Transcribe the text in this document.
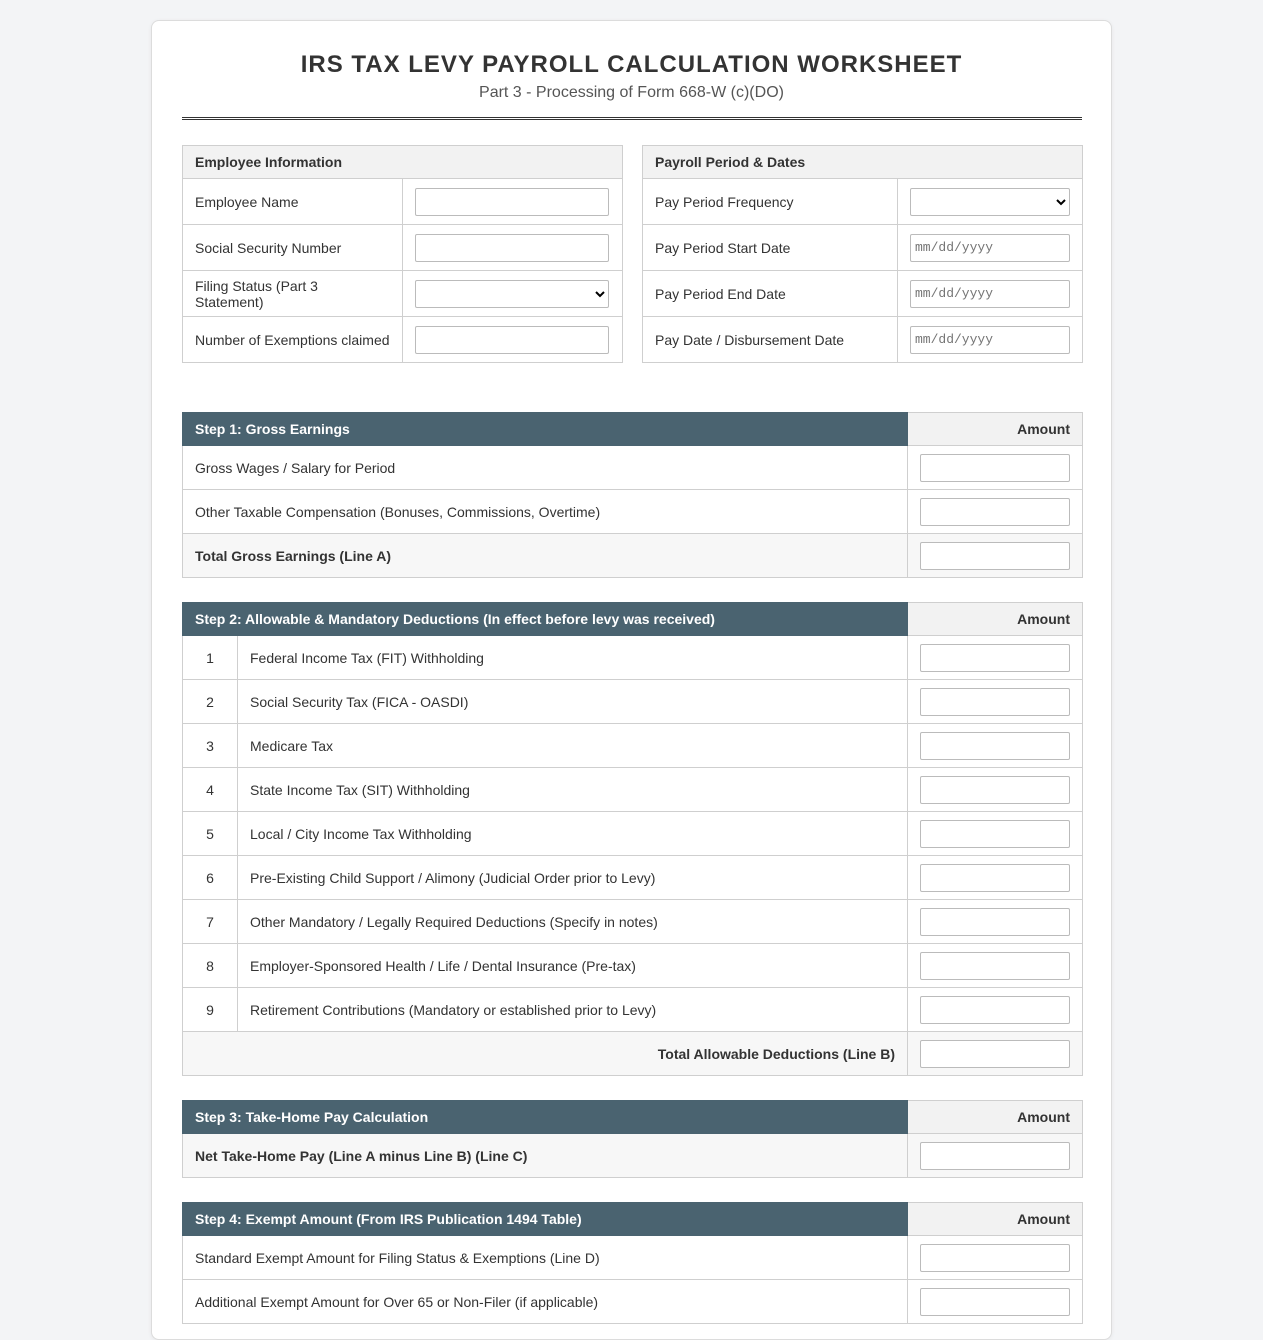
IRS TAX LEVY PAYROLL CALCULATION WORKSHEET
Part 3 - Processing of Form 668-W (c)(DO)
Employee Information	
Employee Name	
Social Security Number	
Filing Status (Part 3 Statement)	

Number of Exemptions claimed	
Payroll Period & Dates	
Pay Period Frequency	

Pay Period Start Date	mm/dd/yyyy
Pay Period End Date	mm/dd/yyyy
Pay Date / Disbursement Date	mm/dd/yyyy
Step 1: Gross Earnings	Amount
Gross Wages / Salary for Period	
Other Taxable Compensation (Bonuses, Commissions, Overtime)	
Total Gross Earnings (Line A)	
Step 2: Allowable & Mandatory Deductions (In effect before levy was received)		Amount
1	Federal Income Tax (FIT) Withholding	
2	Social Security Tax (FICA - OASDI)	
3	Medicare Tax	
4	State Income Tax (SIT) Withholding	
5	Local / City Income Tax Withholding	
6	Pre-Existing Child Support / Alimony (Judicial Order prior to Levy)	
7	Other Mandatory / Legally Required Deductions (Specify in notes)	
8	Employer-Sponsored Health / Life / Dental Insurance (Pre-tax)	
9	Retirement Contributions (Mandatory or established prior to Levy)	
Total Allowable Deductions (Line B)	
Step 3: Take-Home Pay Calculation	Amount
Net Take-Home Pay (Line A minus Line B) (Line C)	
Step 4: Exempt Amount (From IRS Publication 1494 Table)	Amount
Standard Exempt Amount for Filing Status & Exemptions (Line D)	
Additional Exempt Amount for Over 65 or Non-Filer (if applicable)	
